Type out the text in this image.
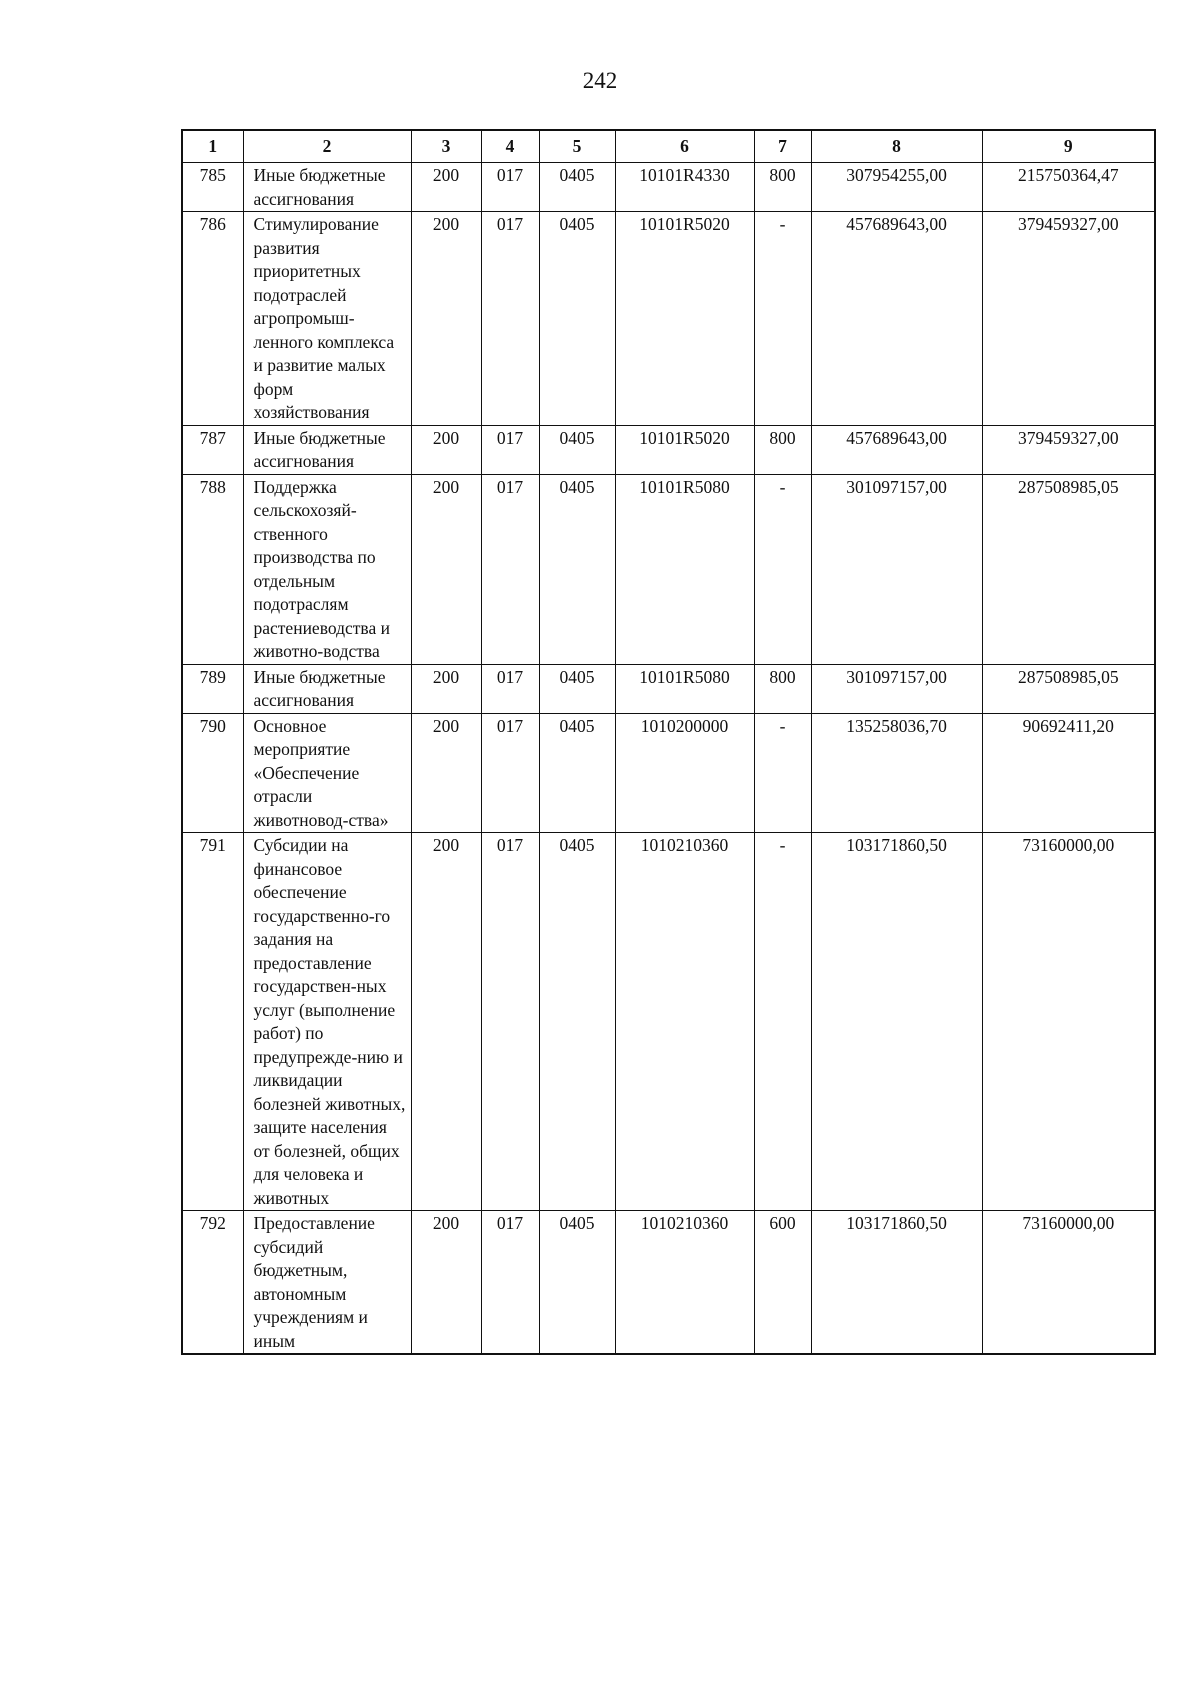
242
1	2	3	4	5	6	7	8	9
785	Иные бюджетные ассигнования	200	017	0405	10101R4330	800	307954255,00	215750364,47
786	Стимулирование развития приоритетных подотраслей агропромыш-ленного комплекса и развитие малых форм хозяйствования	200	017	0405	10101R5020	-	457689643,00	379459327,00
787	Иные бюджетные ассигнования	200	017	0405	10101R5020	800	457689643,00	379459327,00
788	Поддержка сельскохозяй-ственного производства по отдельным подотраслям растениеводства и животно-водства	200	017	0405	10101R5080	-	301097157,00	287508985,05
789	Иные бюджетные ассигнования	200	017	0405	10101R5080	800	301097157,00	287508985,05
790	Основное мероприятие «Обеспечение отрасли животновод-ства»	200	017	0405	1010200000	-	135258036,70	90692411,20
791	Субсидии на финансовое обеспечение государственно-го задания на предоставление государствен-ных услуг (выполнение работ) по предупрежде-нию и ликвидации болезней животных, защите населения от болезней, общих для человека и животных	200	017	0405	1010210360	-	103171860,50	73160000,00
792	Предоставление субсидий бюджетным, автономным учреждениям и иным	200	017	0405	1010210360	600	103171860,50	73160000,00
